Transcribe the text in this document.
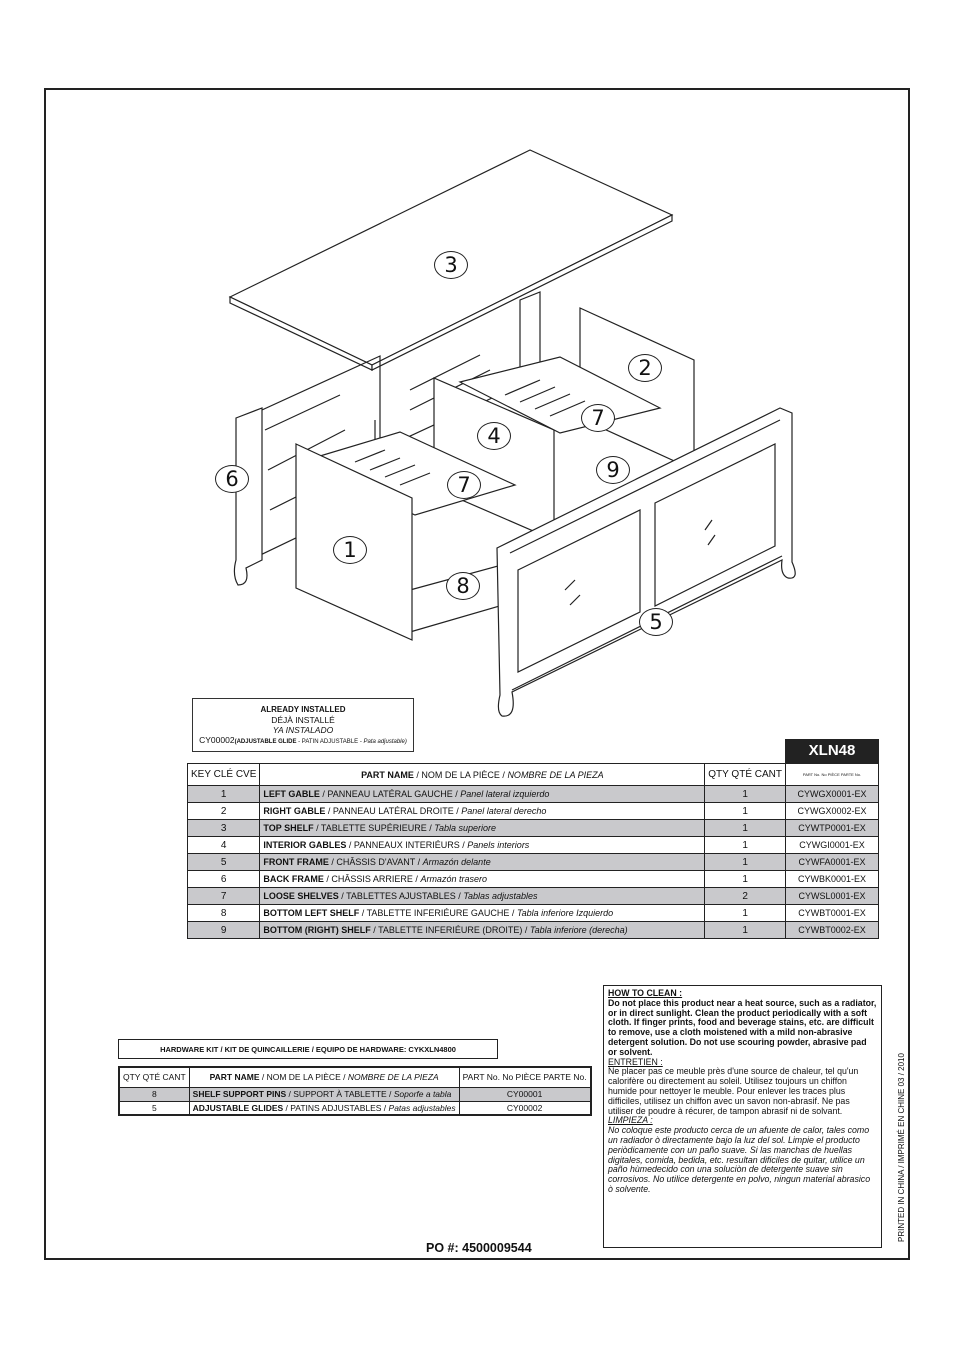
1
2
3
4
5
6
7
7
8
9
ALREADY INSTALLED
DÉJÀ INSTALLÉ
YA INSTALADO
CY00002(ADJUSTABLE GLIDE - PATIN ADJUSTABLE - Pata adjustable)	XLN48
KEY CLÉ CVE	PART NAME / NOM DE LA PIÈCE / NOMBRE DE LA PIEZA	QTY QTÉ CANT	PART No. No PIÈCE PARTE No.
1	LEFT GABLE / PANNEAU LATÉRAL GAUCHE / Panel lateral izquierdo	1	CYWGX0001-EX
2	RIGHT GABLE / PANNEAU LATÉRAL DROITE / Panel lateral derecho	1	CYWGX0002-EX
3	TOP SHELF / TABLETTE SUPÉRIEURE / Tabla superiore	1	CYWTP0001-EX
4	INTERIOR GABLES / PANNEAUX INTERIÉURS / Panels interiors	1	CYWGI0001-EX
5	FRONT FRAME / CHÂSSIS D'AVANT / Armazón delante	1	CYWFA0001-EX
6	BACK FRAME / CHÂSSIS ARRIERE / Armazón trasero	1	CYWBK0001-EX
7	LOOSE SHELVES / TABLETTES AJUSTABLES / Tablas adjustables	2	CYWSL0001-EX
8	BOTTOM LEFT SHELF / TABLETTE INFERIÉURE GAUCHE / Tabla inferiore Izquierdo	1	CYWBT0001-EX
9	BOTTOM (RIGHT) SHELF / TABLETTE INFERIÉURE (DROITE) / Tabla inferiore (derecha)	1	CYWBT0002-EX
HARDWARE KIT / KIT DE QUINCAILLERIE / EQUIPO DE HARDWARE: CYKXLN4800
QTY QTÉ CANT	PART NAME / NOM DE LA PIÈCE / NOMBRE DE LA PIEZA	PART No. No PIÈCE PARTE No.
8	SHELF SUPPORT PINS / SUPPORT À TABLETTE / Soporfe a tabla	CY00001
5	ADJUSTABLE GLIDES / PATINS ADJUSTABLES / Patas adjustables	CY00002

HOW TO CLEAN :

Do not place this product near a heat source, such as a radiator, or in direct sunlight. Clean the product periodically with a soft cloth. If finger prints, food and beverage stains, etc. are difficult to remove, use a cloth moistened with a mild non-abrasive detergent solution. Do not use scouring powder, abrasive pad or solvent.

ENTRETIEN :

Ne placer pas ce meuble près d'une source de chaleur, tel qu'un calorifère ou directement au soleil. Utilisez toujours un chiffon humide pour nettoyer le meuble. Pour enlever les traces plus difficiles, utilisez un chiffon avec un savon non-abrasif. Ne pas utiliser de poudre à récurer, de tampon abrasif ni de solvant.

LIMPIEZA :

No coloque este producto cerca de un afuente de calor, tales como un radiador ò directamente bajo la luz del sol. Limpie el producto periòdicamente con un paño suave. Si las manchas de huellas digitales, comida, bedida, etc. resultan dificiles de quitar, utilice un paño hùmedecido con una soluciòn de detergente suave sin corrosivos. No utilice detergente en polvo, ningun material abrasico ò solvente.	PRINTED IN CHINA / IMPRIMÉ EN CHINE 03 / 2010
PO #: 4500009544
